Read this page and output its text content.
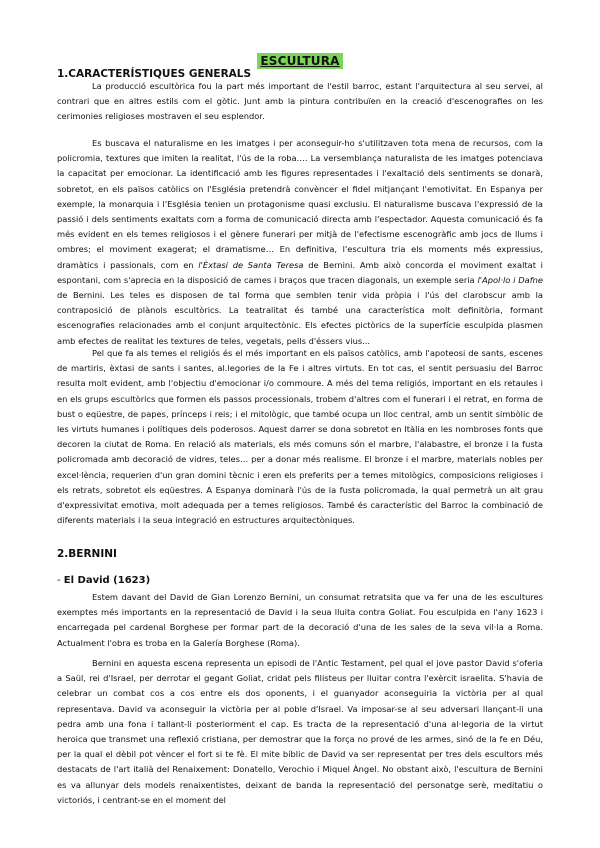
ESCULTURA
1.CARACTERÍSTIQUES GENERALS

La producció escultòrica fou la part més important de l'estil barroc, estant l'arquitectura al seu servei, al contrari que en altres estils com el gòtic. Junt amb la pintura contribuïen en la creació d'escenografies on les cerimonies religioses mostraven el seu esplendor.

Es buscava el naturalisme en les imatges i per aconseguir-ho s'utilitzaven tota mena de recursos, com la policromia, textures que imiten la realitat, l'ús de la roba…. La versemblança naturalista de les imatges potenciava la capacitat per emocionar. La identificació amb les figures representades i l'exaltació dels sentiments se donarà, sobretot, en els països catòlics on l'Església pretendrà convèncer el fidel mitjançant l'emotivitat. En Espanya per exemple, la monarquia i l'Església tenien un protagonisme quasi exclusiu. El naturalisme buscava l'expressió de la passió i dels sentiments exaltats com a forma de comunicació directa amb l'espectador. Aquesta comunicació és fa més evident en els temes religiosos i el gènere funerari per mitjà de l'efectisme escenogràfic amb jocs de llums i ombres; el moviment exagerat; el dramatisme… En definitiva, l'escultura tria els moments més expressius, dramàtics i passionals, com en l'Èxtasi de Santa Teresa de Bernini. Amb això concorda el moviment exaltat i espontani, com s'aprecia en la disposició de cames i braços que tracen diagonals, un exemple seria l'Apol·lo i Dafne de Bernini. Les teles es disposen de tal forma que semblen tenir vida pròpia i l'ús del clarobscur amb la contraposició de plànols escultòrics. La teatralitat és també una característica molt definitòria, formant escenografies relacionades amb el conjunt arquitectònic. Els efectes pictòrics de la superfície esculpida plasmen amb efectes de realitat les textures de teles, vegetals, pells d'éssers vius...

Pel que fa als temes el religiós és el més important en els països catòlics, amb l'apoteosi de sants, escenes de martiris, èxtasi de sants i santes, al.legories de la Fe i altres virtuts. En tot cas, el sentit persuasiu del Barroc resulta molt evident, amb l'objectiu d'emocionar i/o commoure. A més del tema religiós, important en els retaules i en els grups escultòrics que formen els passos processionals, trobem d'altres com el funerari i el retrat, en forma de bust o eqüestre, de papes, prínceps i reis; i el mitològic, que també ocupa un lloc central, amb un sentit simbòlic de les virtuts humanes i polítiques dels poderosos. Aquest darrer se dona sobretot en Itàlia en les nombroses fonts que decoren la ciutat de Roma. En relació als materials, els més comuns són el marbre, l'alabastre, el bronze i la fusta policromada amb decoració de vidres, teles… per a donar més realisme. El bronze i el marbre, materials nobles per excel·lència, requerien d'un gran domini tècnic i eren els preferits per a temes mitològics, composicions religioses i els retrats, sobretot els eqüestres. A Espanya dominarà l'ús de la fusta policromada, la qual permetrà un alt grau d'expressivitat emotiva, molt adequada per a temes religiosos. També és característic del Barroc la combinació de diferents materials i la seua integració en estructures arquitectòniques.

2.BERNINI

- El David (1623)

Estem davant del David de Gian Lorenzo Bernini, un consumat retratsita que va fer una de les escultures exemptes més importants en la representació de David i la seua lluita contra Goliat. Fou esculpida en l'any 1623 i encarregada pel cardenal Borghese per formar part de la decoració d'una de les sales de la seva vil·la a Roma. Actualment l'obra es troba en la Galería Borghese (Roma).

Bernini en aquesta escena representa un episodi de l'Antic Testament, pel qual el jove pastor David s'oferia a Saül, rei d'Israel, per derrotar el gegant Goliat, cridat pels filisteus per lluitar contra l'exèrcit israelita. S'havia de celebrar un combat cos a cos entre els dos oponents, i el guanyador aconseguiria la victòria per al qual representava. David va aconseguir la victòria per al poble d'Israel. Va imposar-se al seu adversari llançant-li una pedra amb una fona i tallant-li posteriorment el cap. Es tracta de la representació d'una al·legoria de la virtut heroica que transmet una reflexió cristiana, per demostrar que la força no prové de les armes, sinó de la fe en Déu, per la qual el dèbil pot vèncer el fort si te fè. El mite bíblic de David va ser representat per tres dels escultors més destacats de l'art italià del Renaixement: Donatello, Verochio i Miquel Àngel. No obstant això, l'escultura de Bernini es va allunyar dels models renaixentistes, deixant de banda la representació del personatge serè, meditatiu o victoriós, i centrant-se en el moment del
